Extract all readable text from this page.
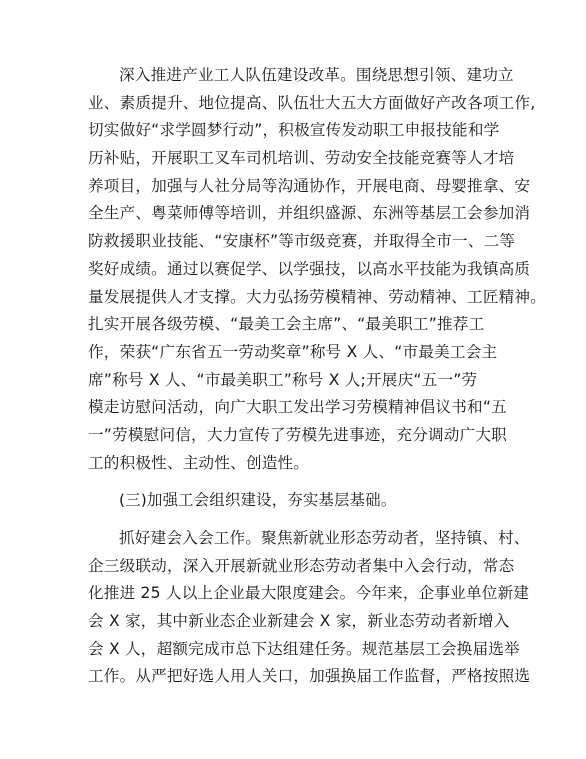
深入推进产业工人队伍建设改革。围绕思想引领、建功立
业、素质提升、地位提高、队伍壮大五大方面做好产改各项工作,
切实做好“求学圆梦行动”，积极宣传发动职工申报技能和学
历补贴，开展职工叉车司机培训、劳动安全技能竞赛等人才培
养项目，加强与人社分局等沟通协作，开展电商、母婴推拿、安
全生产、粤菜师傅等培训，并组织盛源、东洲等基层工会参加消
防救援职业技能、“安康杯”等市级竞赛，并取得全市一、二等
奖好成绩。通过以赛促学、以学强技，以高水平技能为我镇高质
量发展提供人才支撑。大力弘扬劳模精神、劳动精神、工匠精神。
扎实开展各级劳模、“最美工会主席”、“最美职工”推荐工
作，荣获“广东省五一劳动奖章”称号 X 人、“市最美工会主
席”称号 X 人、“市最美职工”称号 X 人;开展庆“五一”劳
模走访慰问活动，向广大职工发出学习劳模精神倡议书和“五
一”劳模慰问信，大力宣传了劳模先进事迹，充分调动广大职
工的积极性、主动性、创造性。
(三)加强工会组织建设，夯实基层基础。
抓好建会入会工作。聚焦新就业形态劳动者，坚持镇、村、
企三级联动，深入开展新就业形态劳动者集中入会行动，常态
化推进 25 人以上企业最大限度建会。今年来，企事业单位新建
会 X 家，其中新业态企业新建会 X 家，新业态劳动者新增入
会 X 人，超额完成市总下达组建任务。规范基层工会换届选举
工作。从严把好选人用人关口，加强换届工作监督，严格按照选
